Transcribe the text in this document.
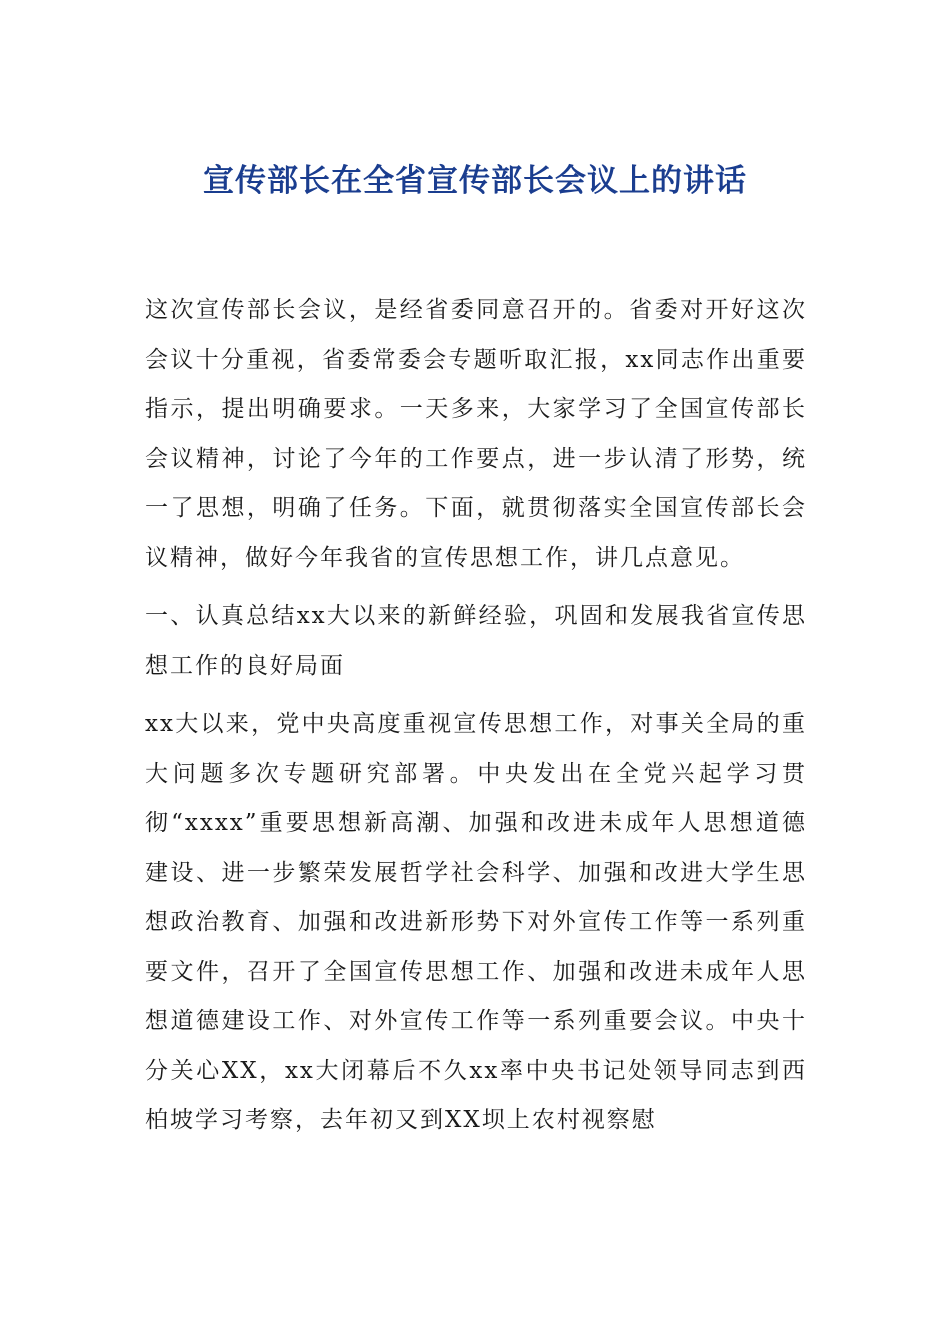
宣传部长在全省宣传部长会议上的讲话

这次宣传部长会议，是经省委同意召开的。省委对开好这次会议十分重视，省委常委会专题听取汇报，xx同志作出重要指示，提出明确要求。一天多来，大家学习了全国宣传部长会议精神，讨论了今年的工作要点，进一步认清了形势，统一了思想，明确了任务。下面，就贯彻落实全国宣传部长会议精神，做好今年我省的宣传思想工作，讲几点意见。

一、认真总结xx大以来的新鲜经验，巩固和发展我省宣传思想工作的良好局面

xx大以来，党中央高度重视宣传思想工作，对事关全局的重大问题多次专题研究部署。中央发出在全党兴起学习贯彻“xxxx”重要思想新高潮、加强和改进未成年人思想道德建设、进一步繁荣发展哲学社会科学、加强和改进大学生思想政治教育、加强和改进新形势下对外宣传工作等一系列重要文件，召开了全国宣传思想工作、加强和改进未成年人思想道德建设工作、对外宣传工作等一系列重要会议。中央十分关心XX，xx大闭幕后不久xx率中央书记处领导同志到西柏坡学习考察，去年初又到XX坝上农村视察慰
